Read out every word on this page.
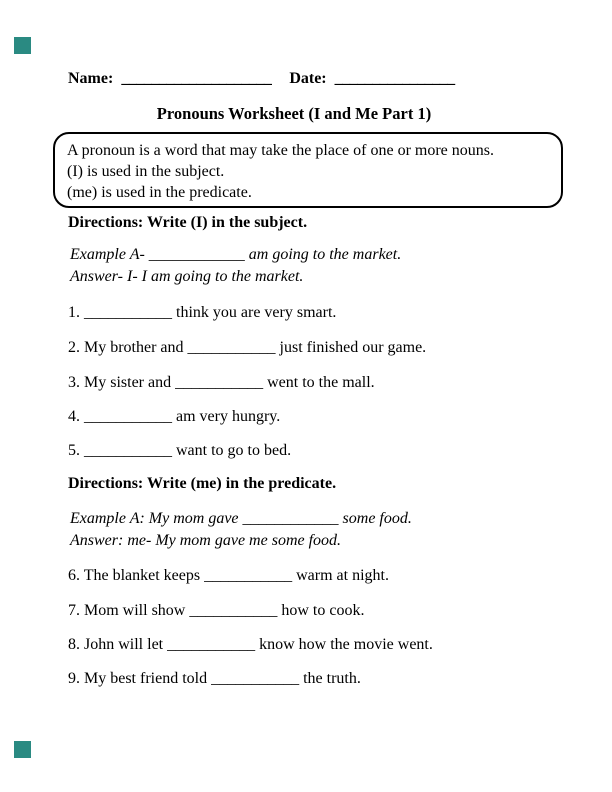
Name: ____________________ Date: ________________
Pronouns Worksheet (I and Me Part 1)
A pronoun is a word that may take the place of one or more nouns.
(I) is used in the subject.
(me) is used in the predicate.
Directions: Write (I) in the subject.
Example A- ____________ am going to the market.
Answer- I- I am going to the market.
1. ___________ think you are very smart.
2. My brother and ___________ just finished our game.
3. My sister and ___________ went to the mall.
4. ___________ am very hungry.
5. ___________ want to go to bed.
Directions: Write (me) in the predicate.
Example A: My mom gave ____________ some food.
Answer: me- My mom gave me some food.
6. The blanket keeps ___________ warm at night.
7. Mom will show ___________ how to cook.
8. John will let ___________ know how the movie went.
9. My best friend told ___________ the truth.
